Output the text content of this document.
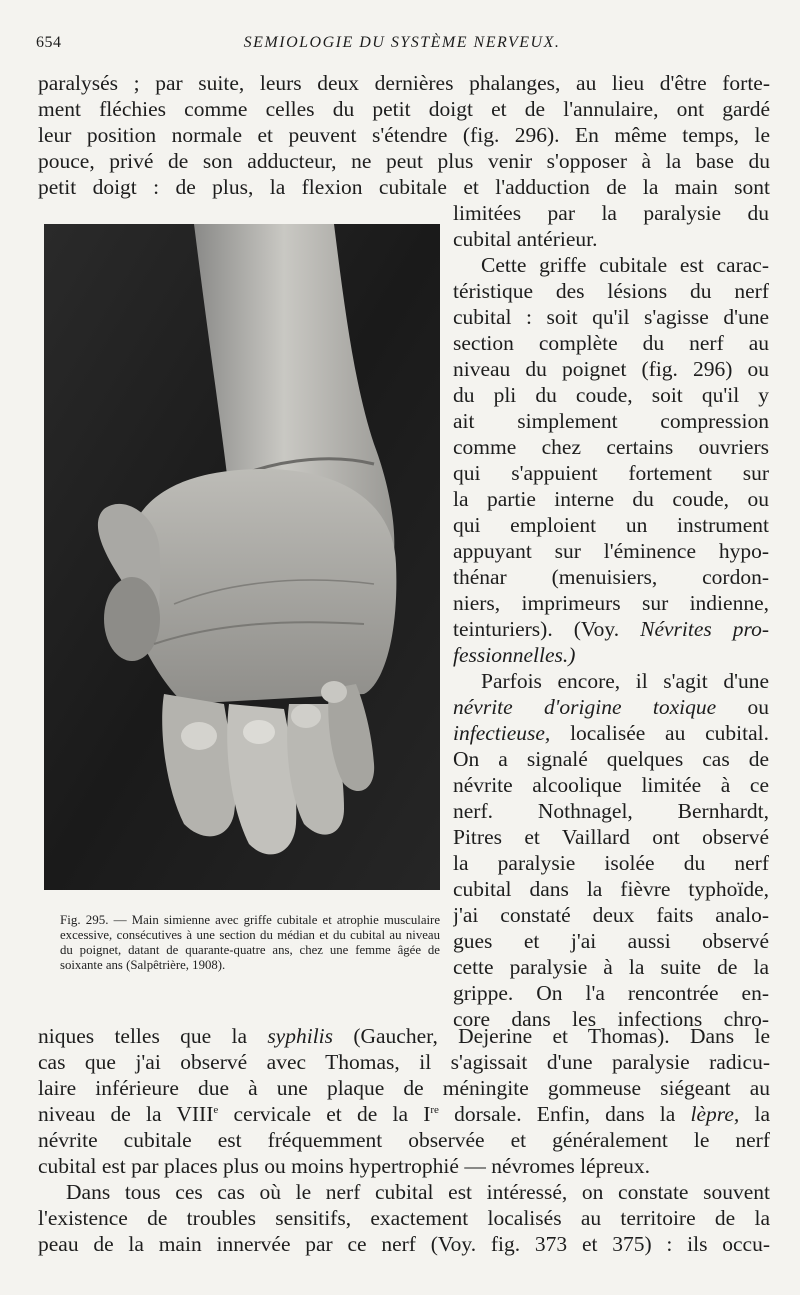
654	SEMIOLOGIE DU SYSTÈME NERVEUX.
paralysés ; par suite, leurs deux dernières phalanges, au lieu d'être forte-
ment fléchies comme celles du petit doigt et de l'annulaire, ont gardé
leur position normale et peuvent s'étendre (fig. 296). En même temps, le
pouce, privé de son adducteur, ne peut plus venir s'opposer à la base du
petit doigt : de plus, la flexion cubitale et l'adduction de la main sont
limitées par la paralysie du
cubital antérieur.
Cette griffe cubitale est carac-
téristique des lésions du nerf
cubital : soit qu'il s'agisse d'une
section complète du nerf au
niveau du poignet (fig. 296) ou
du pli du coude, soit qu'il y
ait simplement compression
comme chez certains ouvriers
qui s'appuient fortement sur
la partie interne du coude, ou
qui emploient un instrument
appuyant sur l'éminence hypo-
thénar (menuisiers, cordon-
niers, imprimeurs sur indienne,
teinturiers). (Voy. Névrites pro-
fessionnelles.)
Parfois encore, il s'agit d'une
névrite d'origine toxique ou
infectieuse, localisée au cubital.
On a signalé quelques cas de
névrite alcoolique limitée à ce
nerf. Nothnagel, Bernhardt,
Pitres et Vaillard ont observé
la paralysie isolée du nerf
cubital dans la fièvre typhoïde,
j'ai constaté deux faits analo-
gues et j'ai aussi observé
cette paralysie à la suite de la
grippe. On l'a rencontrée en-
core dans les infections chro-
Fig. 295. — Main simienne avec griffe cubitale et atrophie musculaire excessive, consécutives à une section du médian et du cubital au niveau du poignet, datant de quarante-quatre ans, chez une femme âgée de soixante ans (Salpêtrière, 1908).
niques telles que la syphilis (Gaucher, Dejerine et Thomas). Dans le
cas que j'ai observé avec Thomas, il s'agissait d'une paralysie radicu-
laire inférieure due à une plaque de méningite gommeuse siégeant au
niveau de la VIIIe cervicale et de la Ire dorsale. Enfin, dans la lèpre, la
névrite cubitale est fréquemment observée et généralement le nerf
cubital est par places plus ou moins hypertrophié — névromes lépreux.
Dans tous ces cas où le nerf cubital est intéressé, on constate souvent
l'existence de troubles sensitifs, exactement localisés au territoire de la
peau de la main innervée par ce nerf (Voy. fig. 373 et 375) : ils occu-
